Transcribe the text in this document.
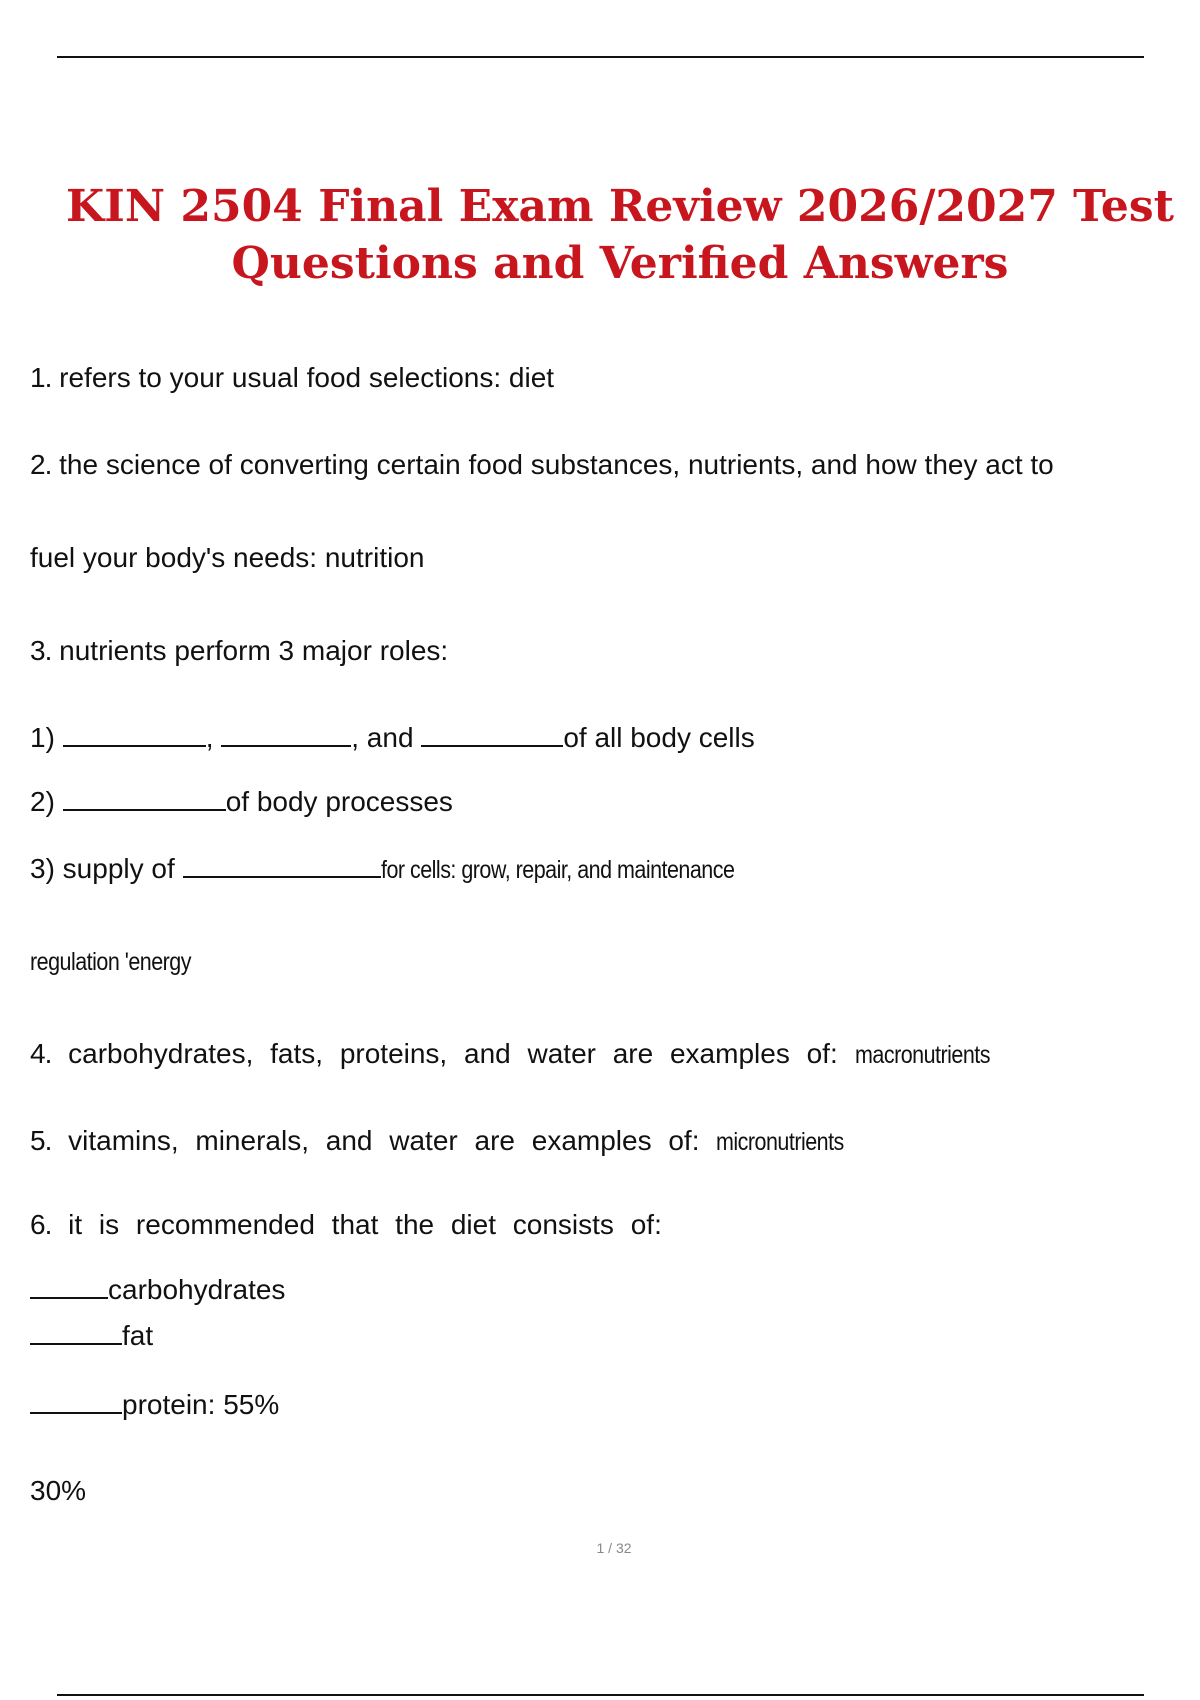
KIN 2504 Final Exam Review 2026/2027 Test
Questions and Verified Answers
1. refers to your usual food selections: diet
2. the science of converting certain food substances, nutrients, and how they act to
fuel your body's needs: nutrition
3. nutrients perform 3 major roles:
1)	,	, and	of all body cells
2)	of body processes
3) supply of	for cells: grow, repair, and maintenance
regulation 'energy
4. carbohydrates, fats, proteins, and water are examples of: macronutrients
5. vitamins, minerals, and water are examples of: micronutrients
6. it is recommended that the diet consists of:
carbohydrates
fat
protein: 55%
30%
1 / 32
